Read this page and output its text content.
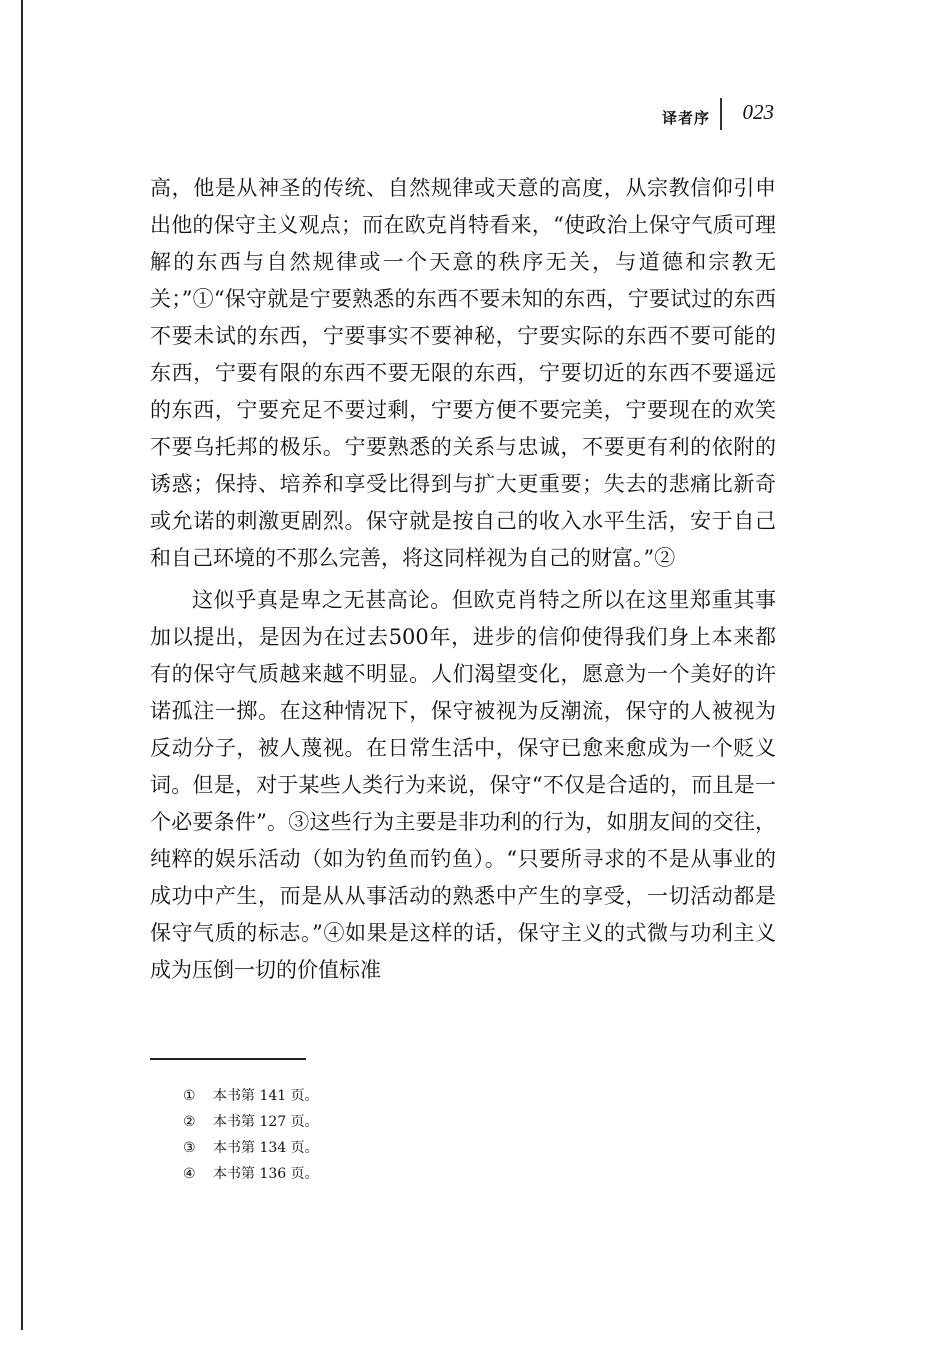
译者序 023

高，他是从神圣的传统、自然规律或天意的高度，从宗教信仰引申出他的保守主义观点；而在欧克肖特看来，“使政治上保守气质可理解的东西与自然规律或一个天意的秩序无关，与道德和宗教无关；”①“保守就是宁要熟悉的东西不要未知的东西，宁要试过的东西不要未试的东西，宁要事实不要神秘，宁要实际的东西不要可能的东西，宁要有限的东西不要无限的东西，宁要切近的东西不要遥远的东西，宁要充足不要过剩，宁要方便不要完美，宁要现在的欢笑不要乌托邦的极乐。宁要熟悉的关系与忠诚，不要更有利的依附的诱惑；保持、培养和享受比得到与扩大更重要；失去的悲痛比新奇或允诺的刺激更剧烈。保守就是按自己的收入水平生活，安于自己和自己环境的不那么完善，将这同样视为自己的财富。”②

这似乎真是卑之无甚高论。但欧克肖特之所以在这里郑重其事加以提出，是因为在过去500年，进步的信仰使得我们身上本来都有的保守气质越来越不明显。人们渴望变化，愿意为一个美好的许诺孤注一掷。在这种情况下，保守被视为反潮流，保守的人被视为反动分子，被人蔑视。在日常生活中，保守已愈来愈成为一个贬义词。但是，对于某些人类行为来说，保守“不仅是合适的，而且是一个必要条件”。③这些行为主要是非功利的行为，如朋友间的交往，纯粹的娱乐活动（如为钓鱼而钓鱼）。“只要所寻求的不是从事业的成功中产生，而是从从事活动的熟悉中产生的享受，一切活动都是保守气质的标志。”④如果是这样的话，保守主义的式微与功利主义成为压倒一切的价值标准

① 本书第 141 页。
② 本书第 127 页。
③ 本书第 134 页。
④ 本书第 136 页。
